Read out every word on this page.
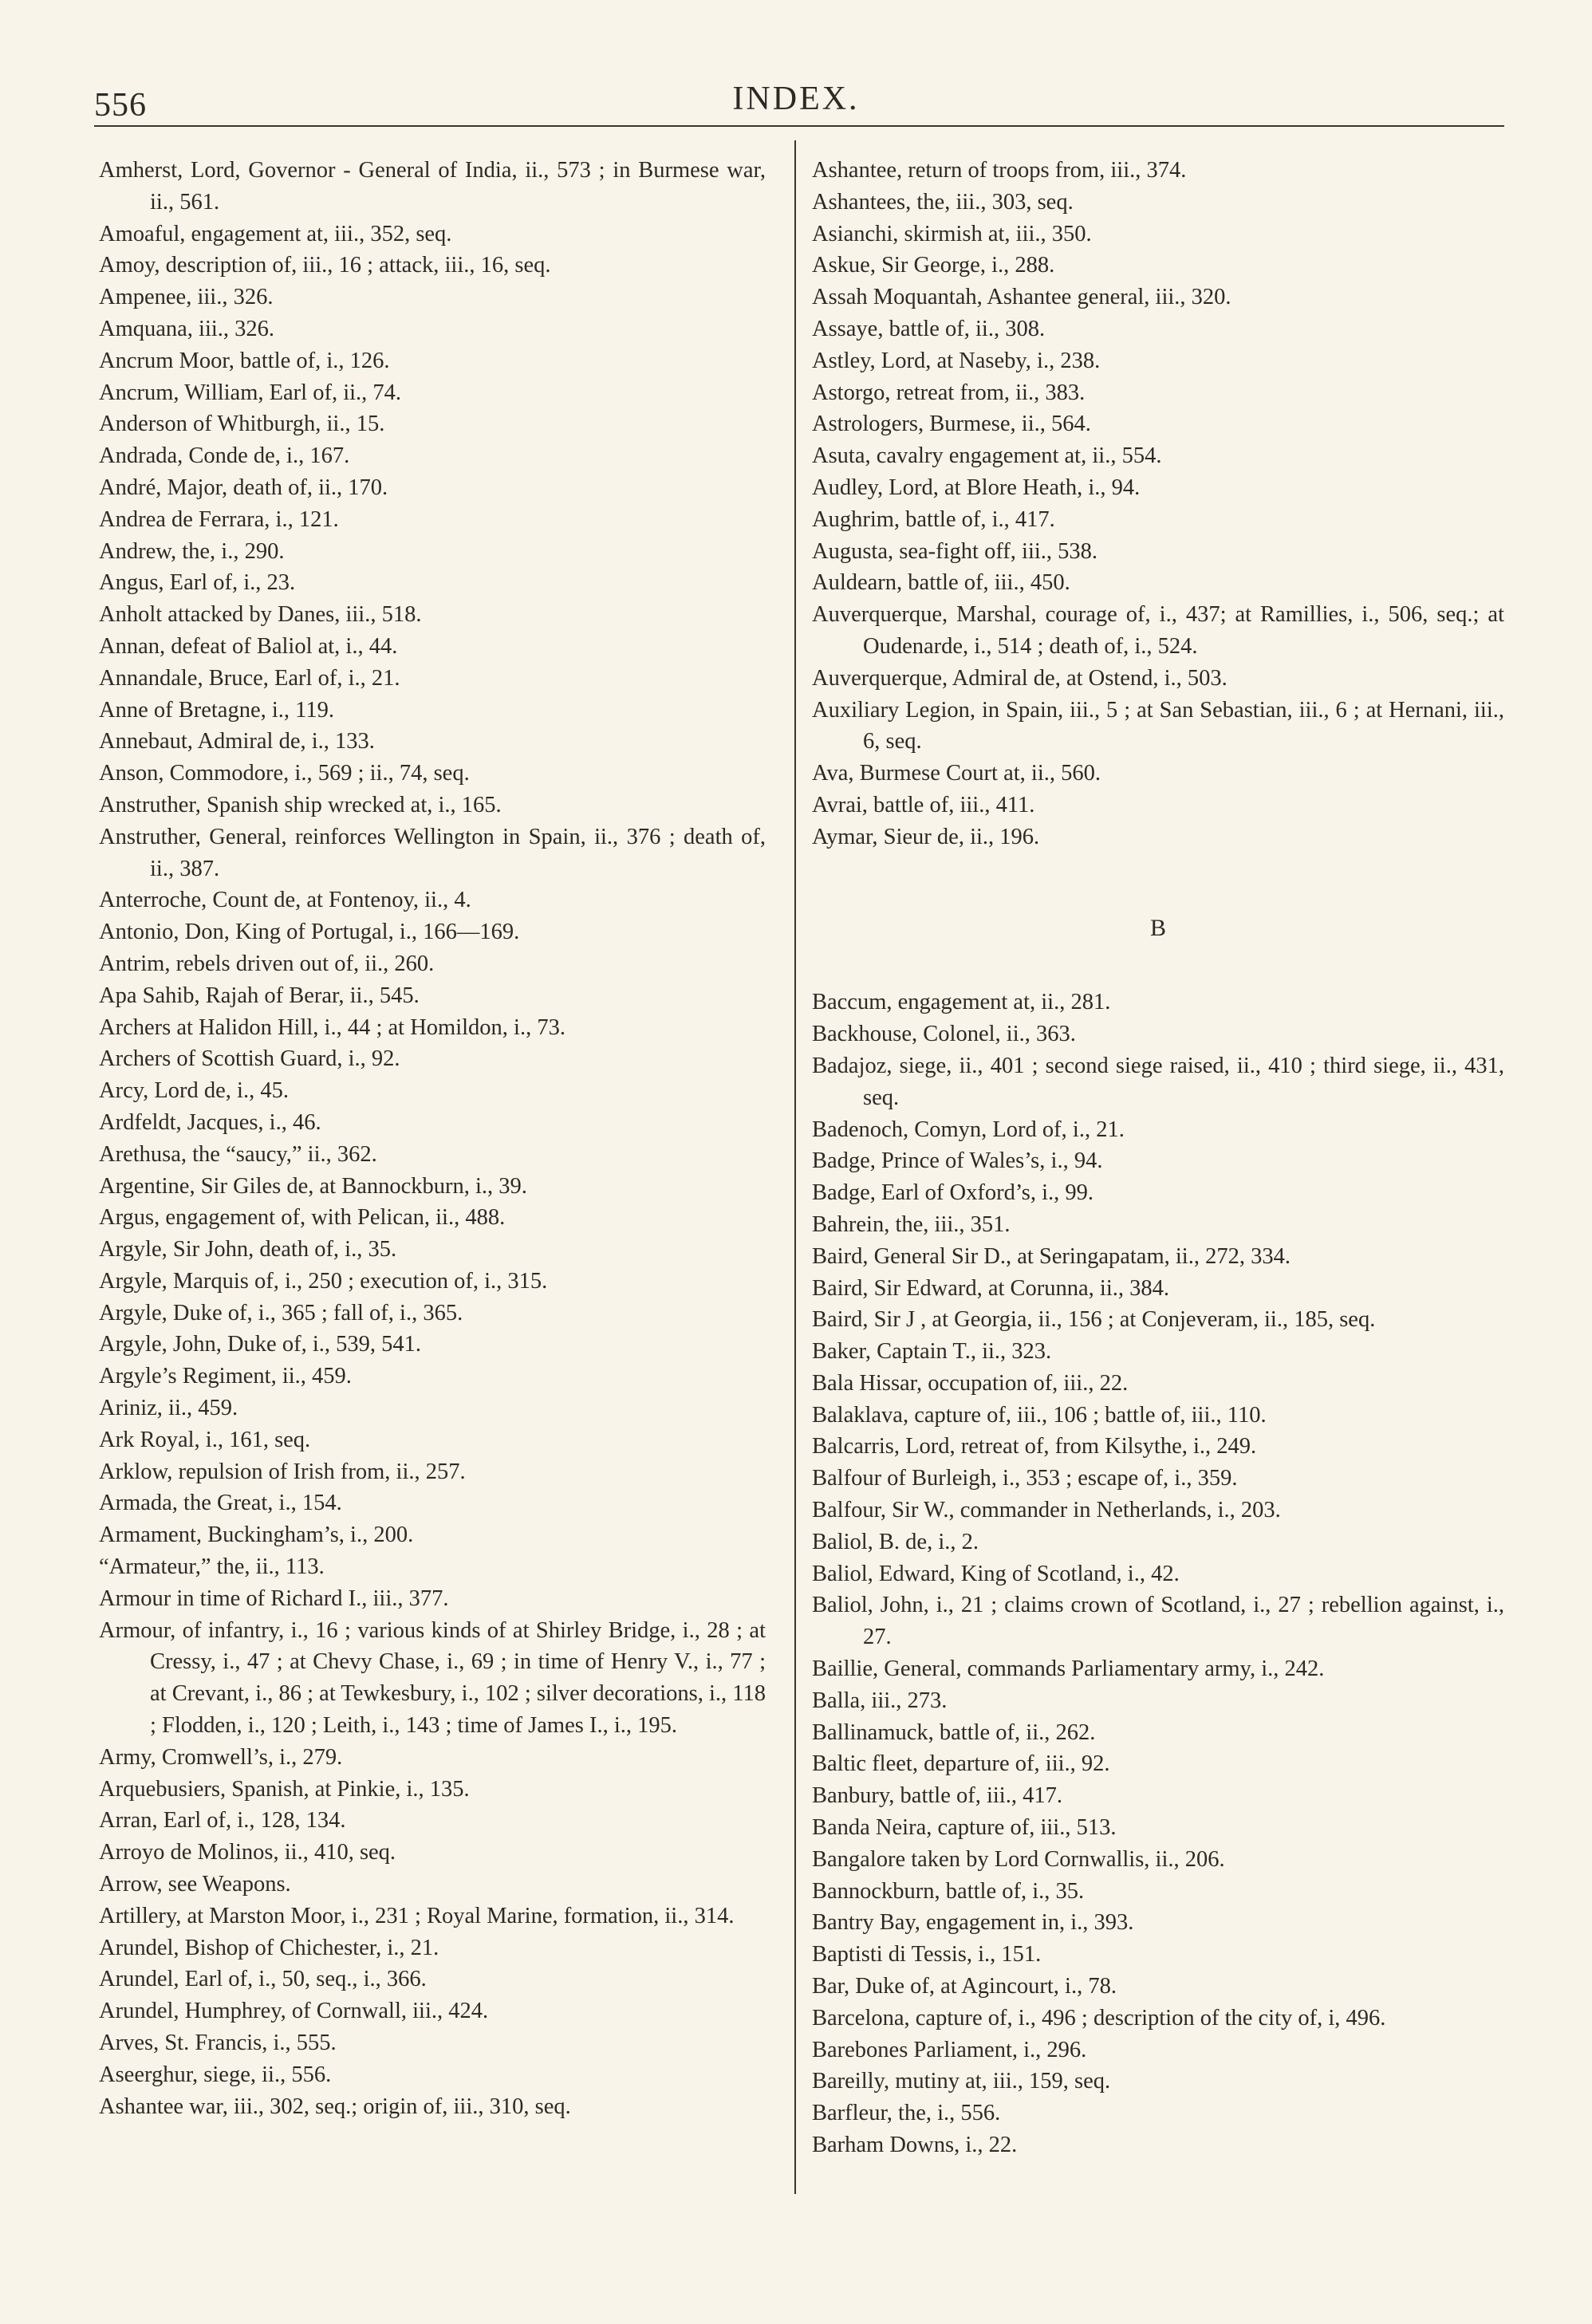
556	INDEX.
Amherst, Lord, Governor - General of India, ii., 573 ; in Burmese war, ii., 561.
Amoaful, engagement at, iii., 352, seq.
Amoy, description of, iii., 16 ; attack, iii., 16, seq.
Ampenee, iii., 326.
Amquana, iii., 326.
Ancrum Moor, battle of, i., 126.
Ancrum, William, Earl of, ii., 74.
Anderson of Whitburgh, ii., 15.
Andrada, Conde de, i., 167.
André, Major, death of, ii., 170.
Andrea de Ferrara, i., 121.
Andrew, the, i., 290.
Angus, Earl of, i., 23.
Anholt attacked by Danes, iii., 518.
Annan, defeat of Baliol at, i., 44.
Annandale, Bruce, Earl of, i., 21.
Anne of Bretagne, i., 119.
Annebaut, Admiral de, i., 133.
Anson, Commodore, i., 569 ; ii., 74, seq.
Anstruther, Spanish ship wrecked at, i., 165.
Anstruther, General, reinforces Wellington in Spain, ii., 376 ; death of, ii., 387.
Anterroche, Count de, at Fontenoy, ii., 4.
Antonio, Don, King of Portugal, i., 166—169.
Antrim, rebels driven out of, ii., 260.
Apa Sahib, Rajah of Berar, ii., 545.
Archers at Halidon Hill, i., 44 ; at Homildon, i., 73.
Archers of Scottish Guard, i., 92.
Arcy, Lord de, i., 45.
Ardfeldt, Jacques, i., 46.
Arethusa, the “saucy,” ii., 362.
Argentine, Sir Giles de, at Bannockburn, i., 39.
Argus, engagement of, with Pelican, ii., 488.
Argyle, Sir John, death of, i., 35.
Argyle, Marquis of, i., 250 ; execution of, i., 315.
Argyle, Duke of, i., 365 ; fall of, i., 365.
Argyle, John, Duke of, i., 539, 541.
Argyle’s Regiment, ii., 459.
Ariniz, ii., 459.
Ark Royal, i., 161, seq.
Arklow, repulsion of Irish from, ii., 257.
Armada, the Great, i., 154.
Armament, Buckingham’s, i., 200.
“Armateur,” the, ii., 113.
Armour in time of Richard I., iii., 377.
Armour, of infantry, i., 16 ; various kinds of at Shirley Bridge, i., 28 ; at Cressy, i., 47 ; at Chevy Chase, i., 69 ; in time of Henry V., i., 77 ; at Crevant, i., 86 ; at Tewkesbury, i., 102 ; silver decorations, i., 118 ; Flodden, i., 120 ; Leith, i., 143 ; time of James I., i., 195.
Army, Cromwell’s, i., 279.
Arquebusiers, Spanish, at Pinkie, i., 135.
Arran, Earl of, i., 128, 134.
Arroyo de Molinos, ii., 410, seq.
Arrow, see Weapons.
Artillery, at Marston Moor, i., 231 ; Royal Marine, formation, ii., 314.
Arundel, Bishop of Chichester, i., 21.
Arundel, Earl of, i., 50, seq., i., 366.
Arundel, Humphrey, of Cornwall, iii., 424.
Arves, St. Francis, i., 555.
Aseerghur, siege, ii., 556.
Ashantee war, iii., 302, seq.; origin of, iii., 310, seq.
Ashantee, return of troops from, iii., 374.
Ashantees, the, iii., 303, seq.
Asianchi, skirmish at, iii., 350.
Askue, Sir George, i., 288.
Assah Moquantah, Ashantee general, iii., 320.
Assaye, battle of, ii., 308.
Astley, Lord, at Naseby, i., 238.
Astorgo, retreat from, ii., 383.
Astrologers, Burmese, ii., 564.
Asuta, cavalry engagement at, ii., 554.
Audley, Lord, at Blore Heath, i., 94.
Aughrim, battle of, i., 417.
Augusta, sea-fight off, iii., 538.
Auldearn, battle of, iii., 450.
Auverquerque, Marshal, courage of, i., 437; at Ramillies, i., 506, seq.; at Oudenarde, i., 514 ; death of, i., 524.
Auverquerque, Admiral de, at Ostend, i., 503.
Auxiliary Legion, in Spain, iii., 5 ; at San Sebastian, iii., 6 ; at Hernani, iii., 6, seq.
Ava, Burmese Court at, ii., 560.
Avrai, battle of, iii., 411.
Aymar, Sieur de, ii., 196.
B
Baccum, engagement at, ii., 281.
Backhouse, Colonel, ii., 363.
Badajoz, siege, ii., 401 ; second siege raised, ii., 410 ; third siege, ii., 431, seq.
Badenoch, Comyn, Lord of, i., 21.
Badge, Prince of Wales’s, i., 94.
Badge, Earl of Oxford’s, i., 99.
Bahrein, the, iii., 351.
Baird, General Sir D., at Seringapatam, ii., 272, 334.
Baird, Sir Edward, at Corunna, ii., 384.
Baird, Sir J , at Georgia, ii., 156 ; at Conjeveram, ii., 185, seq.
Baker, Captain T., ii., 323.
Bala Hissar, occupation of, iii., 22.
Balaklava, capture of, iii., 106 ; battle of, iii., 110.
Balcarris, Lord, retreat of, from Kilsythe, i., 249.
Balfour of Burleigh, i., 353 ; escape of, i., 359.
Balfour, Sir W., commander in Netherlands, i., 203.
Baliol, B. de, i., 2.
Baliol, Edward, King of Scotland, i., 42.
Baliol, John, i., 21 ; claims crown of Scotland, i., 27 ; rebellion against, i., 27.
Baillie, General, commands Parliamentary army, i., 242.
Balla, iii., 273.
Ballinamuck, battle of, ii., 262.
Baltic fleet, departure of, iii., 92.
Banbury, battle of, iii., 417.
Banda Neira, capture of, iii., 513.
Bangalore taken by Lord Cornwallis, ii., 206.
Bannockburn, battle of, i., 35.
Bantry Bay, engagement in, i., 393.
Baptisti di Tessis, i., 151.
Bar, Duke of, at Agincourt, i., 78.
Barcelona, capture of, i., 496 ; description of the city of, i, 496.
Barebones Parliament, i., 296.
Bareilly, mutiny at, iii., 159, seq.
Barfleur, the, i., 556.
Barham Downs, i., 22.
